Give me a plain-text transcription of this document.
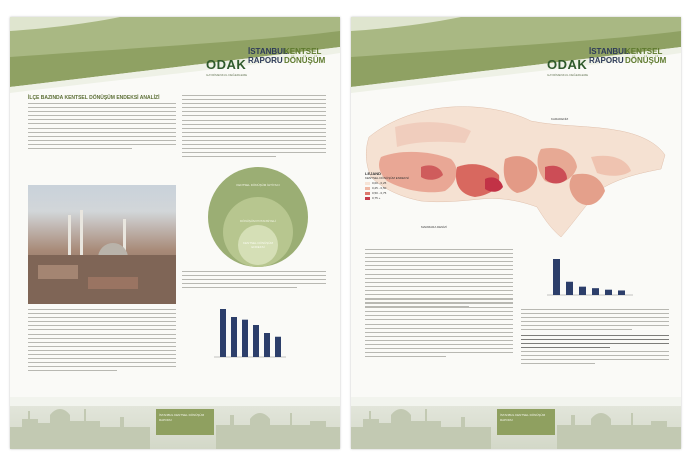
ODAK
GAYRİMENKUL DEĞERLEME
İSTANBUL
RAPORU
KENTSEL
DÖNÜŞÜM
İLÇE BAZINDA KENTSEL DÖNÜŞÜM ENDEKSİ ANALİZİ
KENTSEL DÖNÜŞÜM İHTİYACI
DÖNÜŞÜM POTANSİYELİ
KENTSEL DÖNÜŞÜM ENDEKSİ
İSTANBUL KENTSEL DÖNÜŞÜM RAPORU
ODAK
GAYRİMENKUL DEĞERLEME
İSTANBUL
RAPORU
KENTSEL
DÖNÜŞÜM
KARADENİZ
MARMARA DENİZİ
LEJAND
KENTSEL DÖNÜŞÜM ENDEKSİ
0,00 - 0,25
0,25 - 0,50
0,50 - 0,75
0,75 +
İSTANBUL KENTSEL DÖNÜŞÜM RAPORU
